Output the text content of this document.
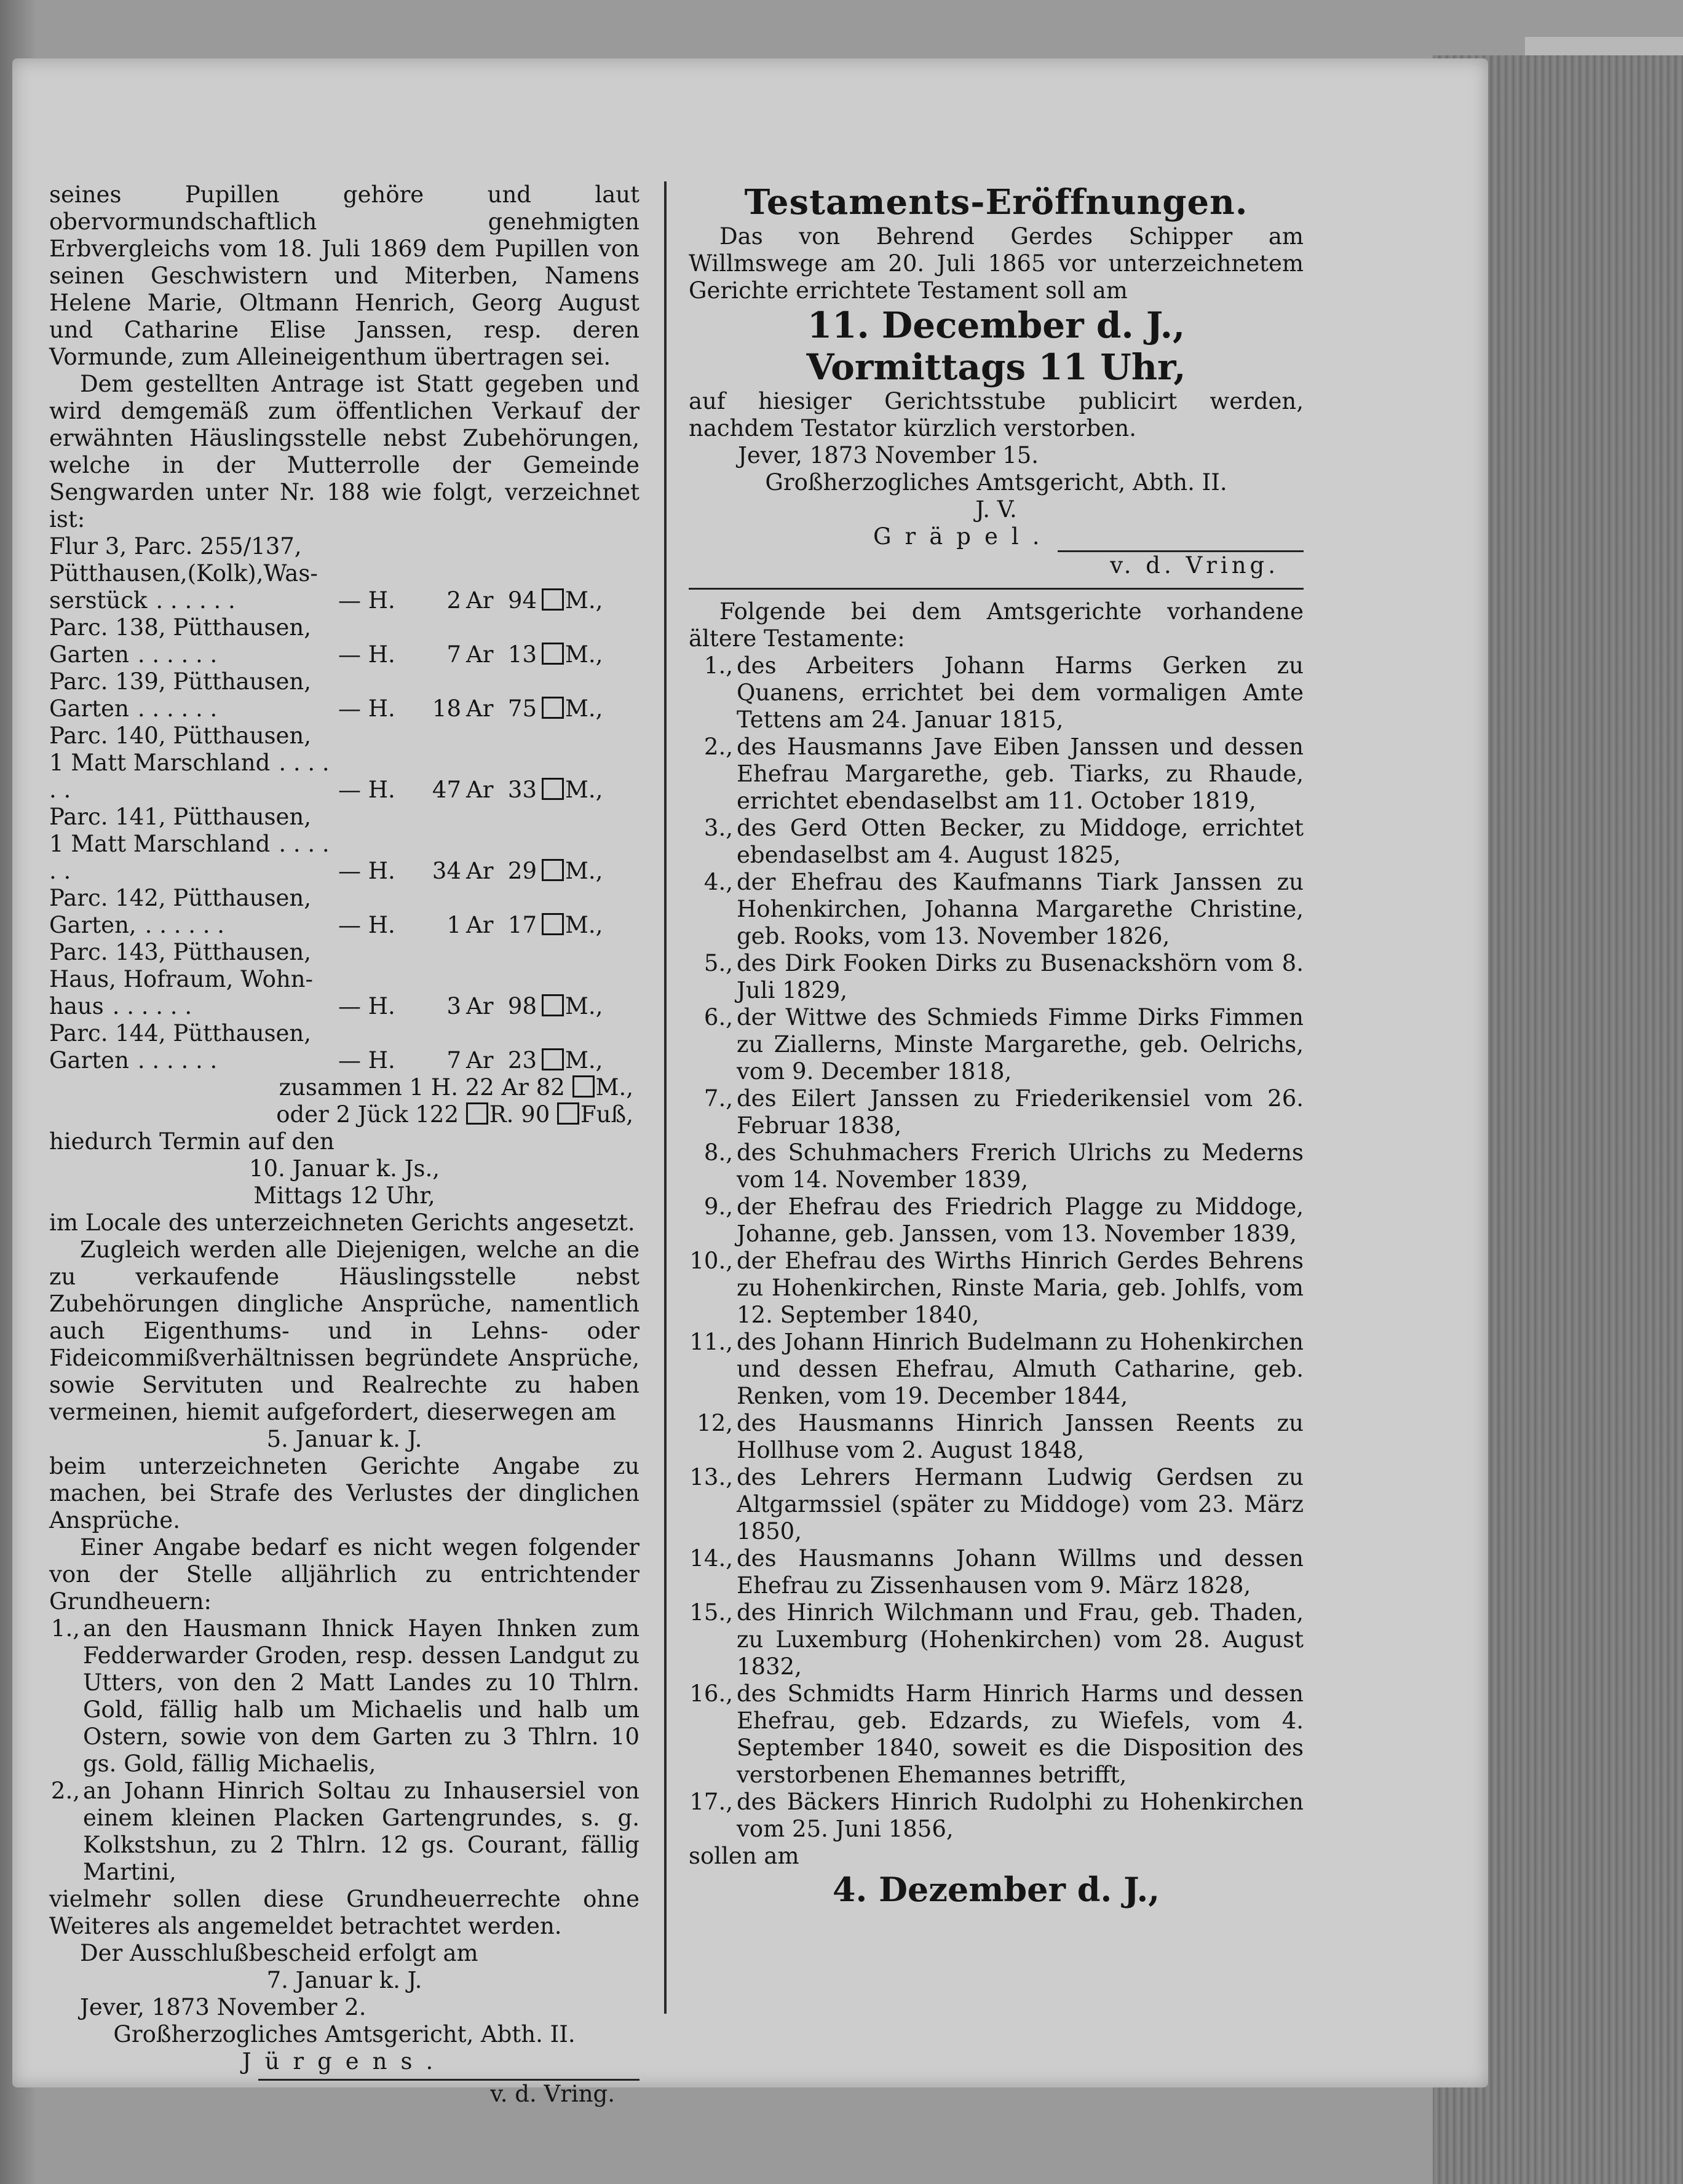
seines Pupillen gehöre und laut obervormundschaftlich genehmigten Erbvergleichs vom 18. Juli 1869 dem Pupillen von seinen Geschwistern und Miterben, Namens Helene Marie, Oltmann Henrich, Georg August und Catharine Elise Janssen, resp. deren Vormunde, zum Alleineigenthum übertragen sei.

Dem gestellten Antrage ist Statt gegeben und wird demgemäß zum öffentlichen Verkauf der erwähnten Häuslingsstelle nebst Zubehörungen, welche in der Mutterrolle der Gemeinde Sengwarden unter Nr. 188 wie folgt, verzeichnet ist:

Flur 3, Parc. 255/137,					
Pütthausen,(Kolk),Was-					
serstück . . . . . .	— H.	2	Ar	94	M.,
Parc. 138, Pütthausen,					
Garten . . . . . .	— H.	7	Ar	13	M.,
Parc. 139, Pütthausen,					
Garten . . . . . .	— H.	18	Ar	75	M.,
Parc. 140, Pütthausen,					
1 Matt Marschland . . . . . .	— H.	47	Ar	33	M.,
Parc. 141, Pütthausen,					
1 Matt Marschland . . . . . .	— H.	34	Ar	29	M.,
Parc. 142, Pütthausen,					
Garten, . . . . . .	— H.	1	Ar	17	M.,
Parc. 143, Pütthausen,					
Haus, Hofraum, Wohn-					
haus . . . . . .	— H.	3	Ar	98	M.,
Parc. 144, Pütthausen,					
Garten . . . . . .	— H.	7	Ar	23	M.,

zusammen 1 H. 22 Ar 82 M.,

oder 2 Jück 122 R. 90 Fuß,

hiedurch Termin auf den

10. Januar k. Js.,

Mittags 12 Uhr,

im Locale des unterzeichneten Gerichts angesetzt.

Zugleich werden alle Diejenigen, welche an die zu verkaufende Häuslingsstelle nebst Zubehörungen dingliche Ansprüche, namentlich auch Eigenthums- und in Lehns- oder Fideicommißverhältnissen begründete Ansprüche, sowie Servituten und Realrechte zu haben vermeinen, hiemit aufgefordert, dieserwegen am

5. Januar k. J.

beim unterzeichneten Gerichte Angabe zu machen, bei Strafe des Verlustes der dinglichen Ansprüche.

Einer Angabe bedarf es nicht wegen folgender von der Stelle alljährlich zu entrichtender Grundheuern:

1., an den Hausmann Ihnick Hayen Ihnken zum Fedderwarder Groden, resp. dessen Landgut zu Utters, von den 2 Matt Landes zu 10 Thlrn. Gold, fällig halb um Michaelis und halb um Ostern, sowie von dem Garten zu 3 Thlrn. 10 gs. Gold, fällig Michaelis,
2., an Johann Hinrich Soltau zu Inhausersiel von einem kleinen Placken Gartengrundes, s. g. Kolkstshun, zu 2 Thlrn. 12 gs. Courant, fällig Martini,

vielmehr sollen diese Grundheuerrechte ohne Weiteres als angemeldet betrachtet werden.

Der Ausschlußbescheid erfolgt am

7. Januar k. J.

Jever, 1873 November 2.

Großherzogliches Amtsgericht, Abth. II.

Jürgens.

v. d. Vring.

Testaments-Eröffnungen.

Das von Behrend Gerdes Schipper am Willmswege am 20. Juli 1865 vor unterzeichnetem Gerichte errichtete Testament soll am

11. December d. J.,

Vormittags 11 Uhr,

auf hiesiger Gerichtsstube publicirt werden, nachdem Testator kürzlich verstorben.

Jever, 1873 November 15.

Großherzogliches Amtsgericht, Abth. II.

J. V.

Gräpel.

v. d. Vring.

Folgende bei dem Amtsgerichte vorhandene ältere Testamente:

1., des Arbeiters Johann Harms Gerken zu Quanens, errichtet bei dem vormaligen Amte Tettens am 24. Januar 1815,
2., des Hausmanns Jave Eiben Janssen und dessen Ehefrau Margarethe, geb. Tiarks, zu Rhaude, errichtet ebendaselbst am 11. October 1819,
3., des Gerd Otten Becker, zu Middoge, errichtet ebendaselbst am 4. August 1825,
4., der Ehefrau des Kaufmanns Tiark Janssen zu Hohenkirchen, Johanna Margarethe Christine, geb. Rooks, vom 13. November 1826,
5., des Dirk Fooken Dirks zu Busenackshörn vom 8. Juli 1829,
6., der Wittwe des Schmieds Fimme Dirks Fimmen zu Ziallerns, Minste Margarethe, geb. Oelrichs, vom 9. December 1818,
7., des Eilert Janssen zu Friederikensiel vom 26. Februar 1838,
8., des Schuhmachers Frerich Ulrichs zu Mederns vom 14. November 1839,
9., der Ehefrau des Friedrich Plagge zu Middoge, Johanne, geb. Janssen, vom 13. November 1839,
10., der Ehefrau des Wirths Hinrich Gerdes Behrens zu Hohenkirchen, Rinste Maria, geb. Johlfs, vom 12. September 1840,
11., des Johann Hinrich Budelmann zu Hohenkirchen und dessen Ehefrau, Almuth Catharine, geb. Renken, vom 19. December 1844,
12, des Hausmanns Hinrich Janssen Reents zu Hollhuse vom 2. August 1848,
13., des Lehrers Hermann Ludwig Gerdsen zu Altgarmssiel (später zu Middoge) vom 23. März 1850,
14., des Hausmanns Johann Willms und dessen Ehefrau zu Zissenhausen vom 9. März 1828,
15., des Hinrich Wilchmann und Frau, geb. Thaden, zu Luxemburg (Hohenkirchen) vom 28. August 1832,
16., des Schmidts Harm Hinrich Harms und dessen Ehefrau, geb. Edzards, zu Wiefels, vom 4. September 1840, soweit es die Disposition des verstorbenen Ehemannes betrifft,
17., des Bäckers Hinrich Rudolphi zu Hohenkirchen vom 25. Juni 1856,

sollen am

4. Dezember d. J.,
